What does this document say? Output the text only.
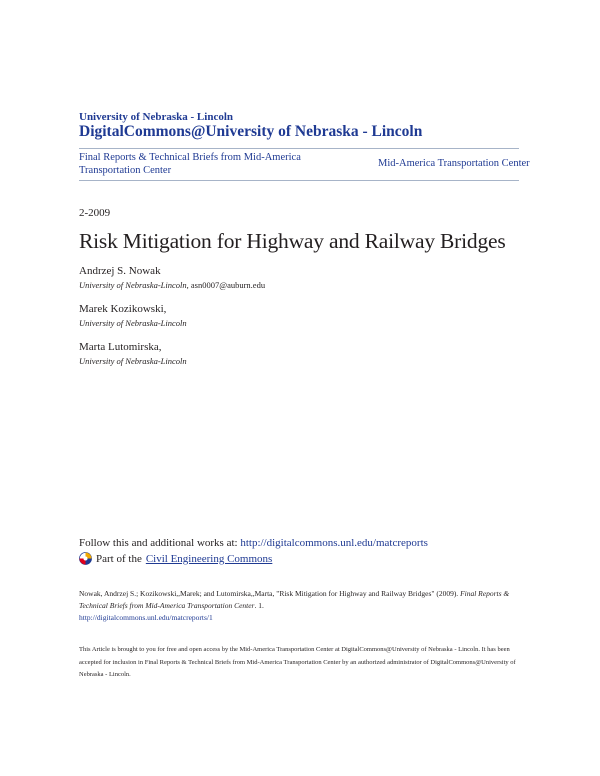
University of Nebraska - Lincoln
DigitalCommons@University of Nebraska - Lincoln
Final Reports & Technical Briefs from Mid-America Transportation Center
Mid-America Transportation Center
2-2009
Risk Mitigation for Highway and Railway Bridges
Andrzej S. Nowak
University of Nebraska-Lincoln, asn0007@auburn.edu
Marek Kozikowski,
University of Nebraska-Lincoln
Marta Lutomirska,
University of Nebraska-Lincoln
Follow this and additional works at: http://digitalcommons.unl.edu/matcreports
Part of the Civil Engineering Commons
Nowak, Andrzej S.; Kozikowski,,Marek; and Lutomirska,,Marta, "Risk Mitigation for Highway and Railway Bridges" (2009). Final Reports & Technical Briefs from Mid-America Transportation Center. 1.
http://digitalcommons.unl.edu/matcreports/1
This Article is brought to you for free and open access by the Mid-America Transportation Center at DigitalCommons@University of Nebraska - Lincoln. It has been accepted for inclusion in Final Reports & Technical Briefs from Mid-America Transportation Center by an authorized administrator of DigitalCommons@University of Nebraska - Lincoln.
